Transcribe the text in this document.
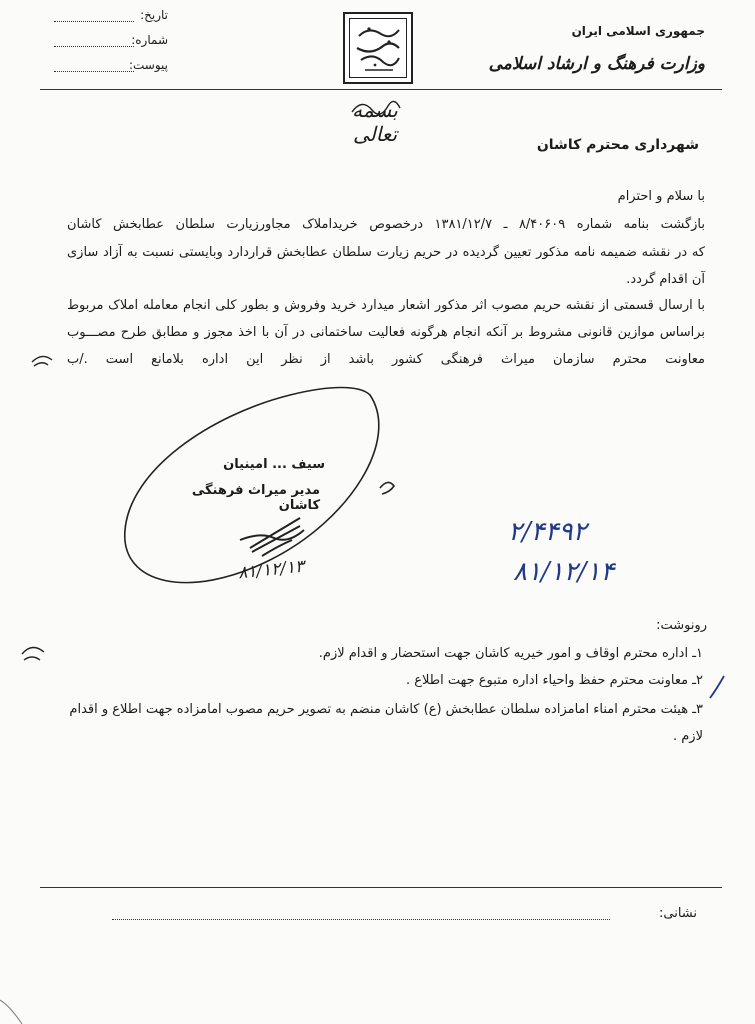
جمهوری اسلامی ایران
وزارت فرهنگ و ارشاد اسلامی
تاریخ:
شماره:
پیوست:
بسمه تعالی	شهرداری محترم کاشان
با سلام و احترام
بازگشت بنامه شماره ۸/۴۰۶۰۹ ـ ۱۳۸۱/۱۲/۷ درخصوص خریداملاک مجاورزیارت سلطان عطابخش کاشان
که در نقشه ضمیمه نامه مذکور تعیین گردیده در حریم زیارت سلطان عطابخش قراردارد وبایستی نسبت به آزاد سازی
آن اقدام گردد.
با ارسال قسمتی از نقشه حریم مصوب اثر مذکور اشعار میدارد خرید وفروش و بطور کلی انجام معامله املاک مربوط
براساس موازین قانونی مشروط بر آنکه انجام هرگونه فعالیت ساختمانی در آن با اخذ مجوز و مطابق طرح مصـــوب
معاونت محترم سازمان میراث فرهنگی کشور باشد از نظر این اداره بلامانع است ./ب
سیف ... امینیان
مدیر میراث فرهنگی کاشان
۸۱/۱۲/۱۳
۲/۴۴۹۲
۸۱/۱۲/۱۴
رونوشت:
۱ـ اداره محترم اوقاف و امور خیریه کاشان جهت استحضار و اقدام لازم.
۲ـ معاونت محترم حفظ واحیاء اداره متبوع جهت اطلاع .
۳ـ هیئت محترم امناء امامزاده سلطان عطابخش (ع) کاشان منضم به تصویر حریم مصوب امامزاده جهت اطلاع و اقدام
لازم .
نشانی:
